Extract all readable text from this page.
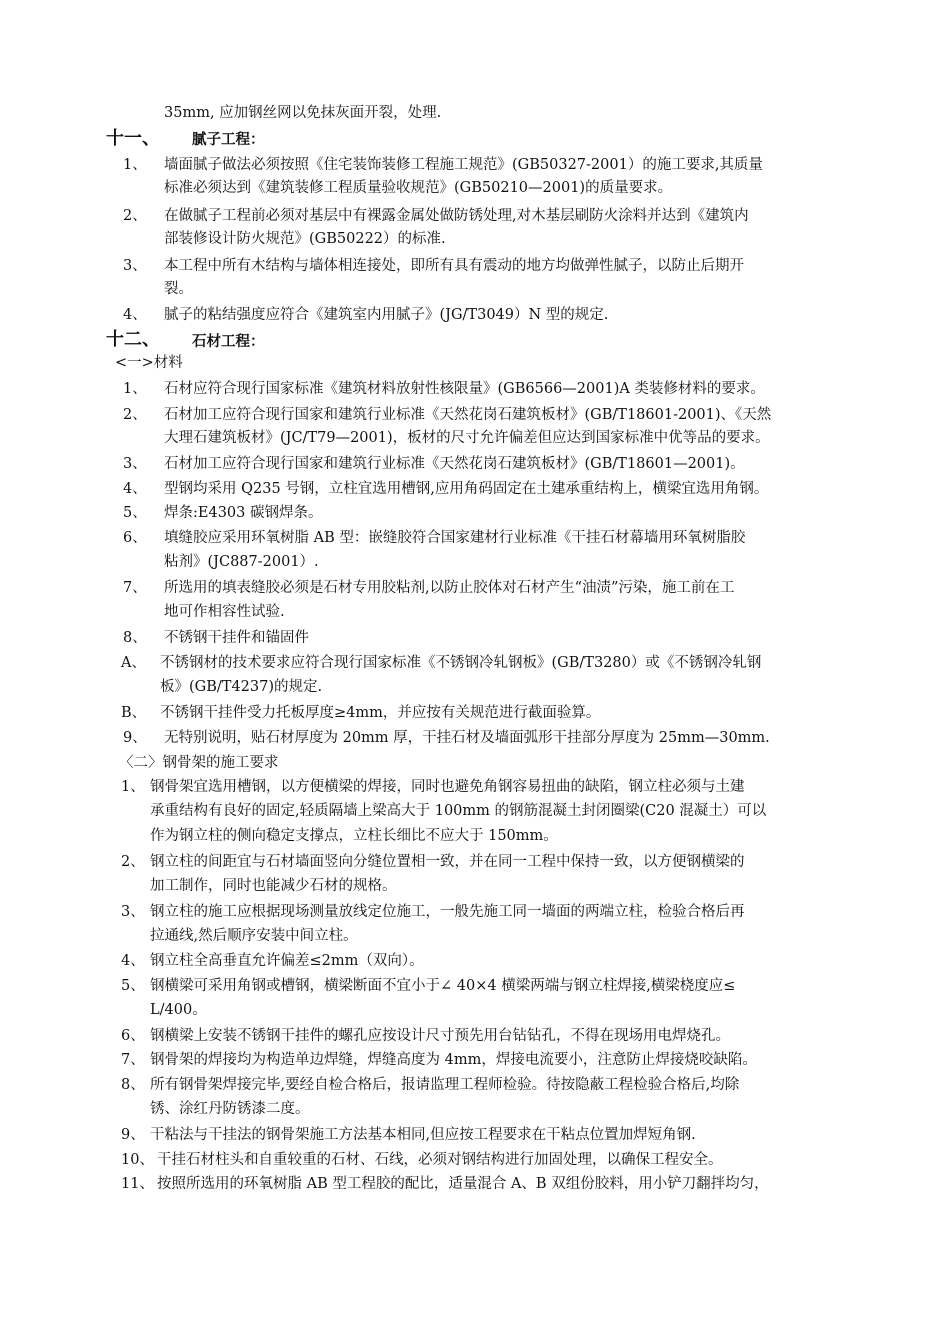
35mm, 应加钢丝网以免抹灰面开裂，处理.
十一、 腻子工程：
1、 墙面腻子做法必须按照《住宅装饰装修工程施工规范》(GB50327-2001）的施工要求,其质量
标准必须达到《建筑装修工程质量验收规范》(GB50210—2001)的质量要求。
2、 在做腻子工程前必须对基层中有裸露金属处做防锈处理,对木基层刷防火涂料并达到《建筑内
部装修设计防火规范》(GB50222）的标准.
3、 本工程中所有木结构与墙体相连接处，即所有具有震动的地方均做弹性腻子，以防止后期开
裂。
4、 腻子的粘结强度应符合《建筑室内用腻子》(JG/T3049）N 型的规定.
十二、 石材工程：
<一>材料
1、 石材应符合现行国家标准《建筑材料放射性核限量》(GB6566—2001)A 类装修材料的要求。
2、 石材加工应符合现行国家和建筑行业标准《天然花岗石建筑板材》(GB/T18601-2001)、《天然
大理石建筑板材》(JC/T79—2001)，板材的尺寸允许偏差但应达到国家标准中优等品的要求。
3、 石材加工应符合现行国家和建筑行业标准《天然花岗石建筑板材》(GB/T18601—2001)。
4、 型钢均采用 Q235 号钢，立柱宜选用槽钢,应用角码固定在土建承重结构上，横梁宜选用角钢。
5、 焊条:E4303 碳钢焊条。
6、 填缝胶应采用环氧树脂 AB 型：嵌缝胶符合国家建材行业标准《干挂石材幕墙用环氧树脂胶
粘剂》(JC887-2001）.
7、 所选用的填表缝胶必须是石材专用胶粘剂,以防止胶体对石材产生“油渍”污染，施工前在工
地可作相容性试验.
8、 不锈钢干挂件和锚固件
A、 不锈钢材的技术要求应符合现行国家标准《不锈钢冷轧钢板》(GB/T3280）或《不锈钢冷轧钢
板》(GB/T4237)的规定.
B、 不锈钢干挂件受力托板厚度≥4mm，并应按有关规范进行截面验算。
9、 无特别说明，贴石材厚度为 20mm 厚，干挂石材及墙面弧形干挂部分厚度为 25mm—30mm.
〈二〉钢骨架的施工要求
1、 钢骨架宜选用槽钢，以方便横梁的焊接，同时也避免角钢容易扭曲的缺陷，钢立柱必须与土建
承重结构有良好的固定,轻质隔墙上梁高大于 100mm 的钢筋混凝土封闭圈梁(C20 混凝土）可以
作为钢立柱的侧向稳定支撑点，立柱长细比不应大于 150mm。
2、 钢立柱的间距宜与石材墙面竖向分缝位置相一致，并在同一工程中保持一致，以方便钢横梁的
加工制作，同时也能减少石材的规格。
3、 钢立柱的施工应根据现场测量放线定位施工，一般先施工同一墙面的两端立柱，检验合格后再
拉通线,然后顺序安装中间立柱。
4、 钢立柱全高垂直允许偏差≤2mm（双向）。
5、 钢横梁可采用角钢或槽钢，横梁断面不宜小于∠ 40×4 横梁两端与钢立柱焊接,横梁桡度应≤
L/400。
6、 钢横梁上安装不锈钢干挂件的螺孔应按设计尺寸预先用台钻钻孔，不得在现场用电焊烧孔。
7、 钢骨架的焊接均为构造单边焊缝，焊缝高度为 4mm，焊接电流要小，注意防止焊接烧咬缺陷。
8、 所有钢骨架焊接完毕,要经自检合格后，报请监理工程师检验。待按隐蔽工程检验合格后,均除
锈、涂红丹防锈漆二度。
9、 干粘法与干挂法的钢骨架施工方法基本相同,但应按工程要求在干粘点位置加焊短角钢.
10、 干挂石材柱头和自重较重的石材、石线，必须对钢结构进行加固处理，以确保工程安全。
11、 按照所选用的环氧树脂 AB 型工程胶的配比，适量混合 A、B 双组份胶料，用小铲刀翻拌均匀，
